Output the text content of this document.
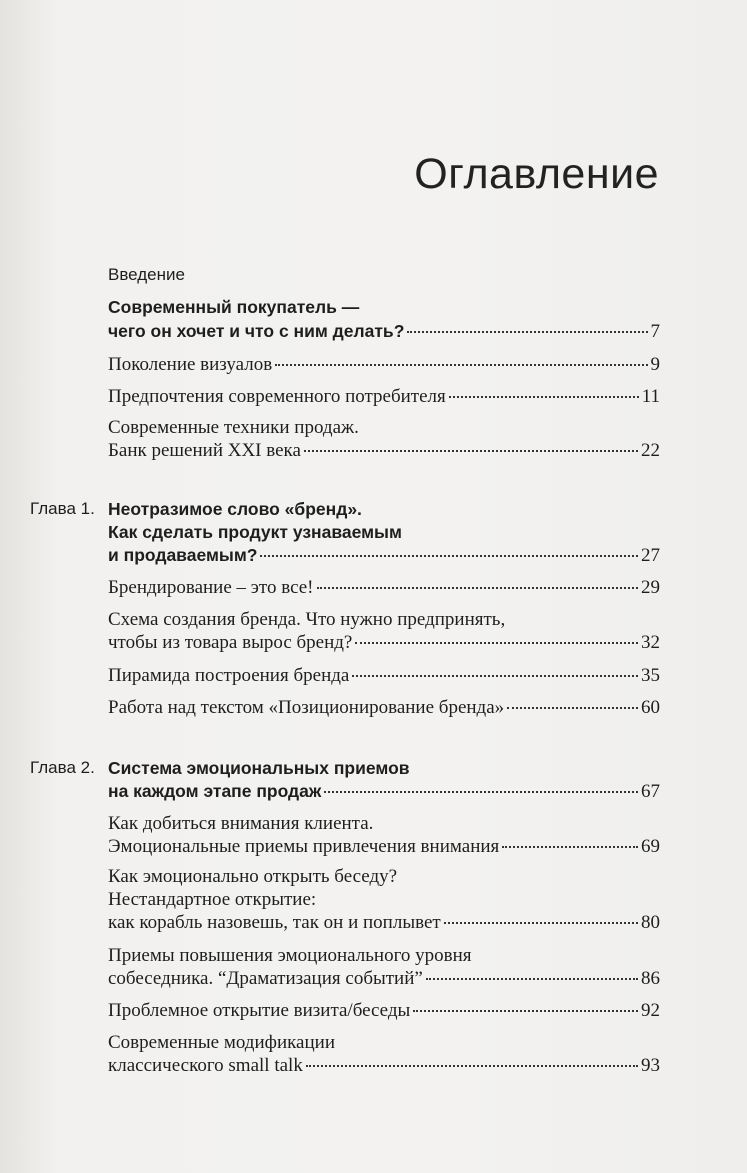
Оглавление
Введение
Современный покупатель —
чего он хочет и что с ним делать?	7
Поколение визуалов	9
Предпочтения современного потребителя	11
Современные техники продаж.
Банк решений XXI века	22
Глава 1. Неотразимое слово «бренд».
Как сделать продукт узнаваемым
и продаваемым?	27
Брендирование – это все!	29
Схема создания бренда. Что нужно предпринять,
чтобы из товара вырос бренд?	32
Пирамида построения бренда	35
Работа над текстом «Позиционирование бренда»	60
Глава 2. Система эмоциональных приемов
на каждом этапе продаж	67
Как добиться внимания клиента.
Эмоциональные приемы привлечения внимания	69
Как эмоционально открыть беседу?
Нестандартное открытие:
как корабль назовешь, так он и поплывет	80
Приемы повышения эмоционального уровня
собеседника. “Драматизация событий”	86
Проблемное открытие визита/беседы	92
Современные модификации
классического small talk	93
